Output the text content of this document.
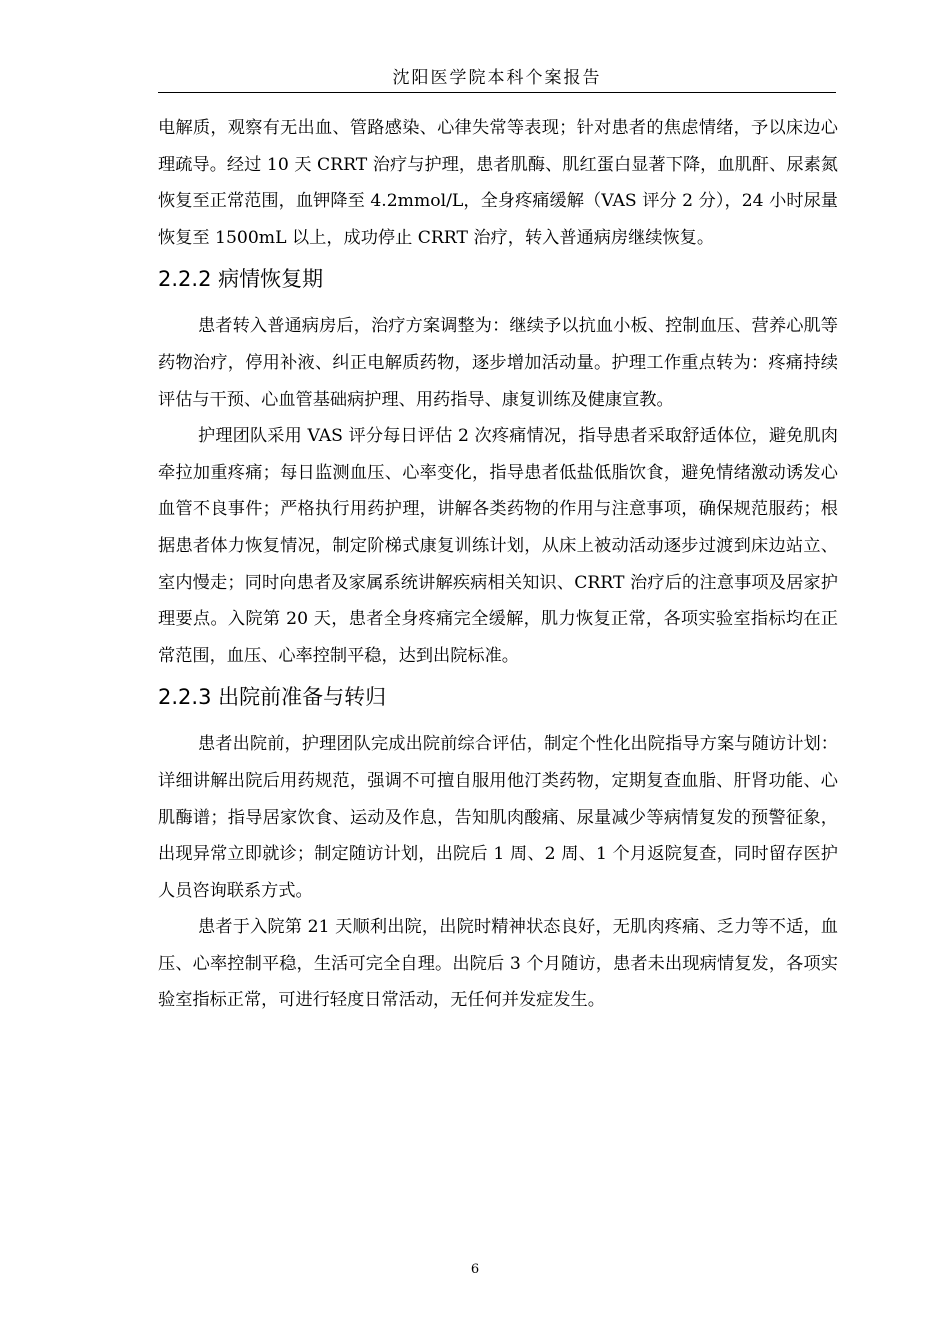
沈阳医学院本科个案报告

电解质，观察有无出血、管路感染、心律失常等表现；针对患者的焦虑情绪，予以床边心理疏导。经过 10 天 CRRT 治疗与护理，患者肌酶、肌红蛋白显著下降，血肌酐、尿素氮恢复至正常范围，血钾降至 4.2mmol/L，全身疼痛缓解（VAS 评分 2 分），24 小时尿量恢复至 1500mL 以上，成功停止 CRRT 治疗，转入普通病房继续恢复。

2.2.2 病情恢复期

患者转入普通病房后，治疗方案调整为：继续予以抗血小板、控制血压、营养心肌等药物治疗，停用补液、纠正电解质药物，逐步增加活动量。护理工作重点转为：疼痛持续评估与干预、心血管基础病护理、用药指导、康复训练及健康宣教。

护理团队采用 VAS 评分每日评估 2 次疼痛情况，指导患者采取舒适体位，避免肌肉牵拉加重疼痛；每日监测血压、心率变化，指导患者低盐低脂饮食，避免情绪激动诱发心血管不良事件；严格执行用药护理，讲解各类药物的作用与注意事项，确保规范服药；根据患者体力恢复情况，制定阶梯式康复训练计划，从床上被动活动逐步过渡到床边站立、室内慢走；同时向患者及家属系统讲解疾病相关知识、CRRT 治疗后的注意事项及居家护理要点。入院第 20 天，患者全身疼痛完全缓解，肌力恢复正常，各项实验室指标均在正常范围，血压、心率控制平稳，达到出院标准。

2.2.3 出院前准备与转归

患者出院前，护理团队完成出院前综合评估，制定个性化出院指导方案与随访计划：详细讲解出院后用药规范，强调不可擅自服用他汀类药物，定期复查血脂、肝肾功能、心肌酶谱；指导居家饮食、运动及作息，告知肌肉酸痛、尿量减少等病情复发的预警征象，出现异常立即就诊；制定随访计划，出院后 1 周、2 周、1 个月返院复查，同时留存医护人员咨询联系方式。

患者于入院第 21 天顺利出院，出院时精神状态良好，无肌肉疼痛、乏力等不适，血压、心率控制平稳，生活可完全自理。出院后 3 个月随访，患者未出现病情复发，各项实验室指标正常，可进行轻度日常活动，无任何并发症发生。

6
